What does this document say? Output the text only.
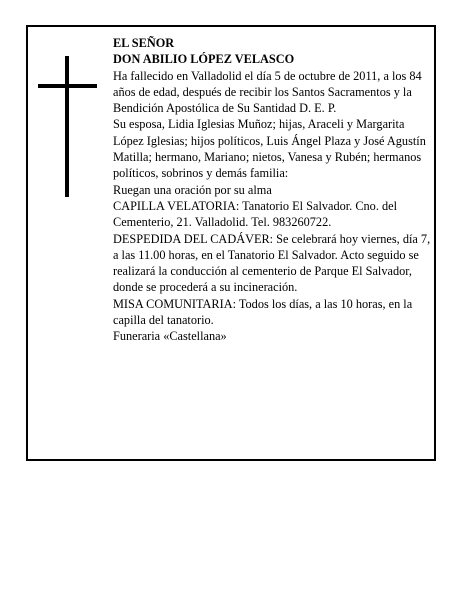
EL SEÑOR

DON ABILIO LÓPEZ VELASCO

Ha fallecido en Valladolid el día 5 de octubre de 2011, a los 84 años de edad, después de recibir los Santos Sacramentos y la Bendición Apostólica de Su Santidad D. E. P.

Su esposa, Lidia Iglesias Muñoz; hijas, Araceli y Margarita López Iglesias; hijos políticos, Luis Ángel Plaza y José Agustín Matilla; hermano, Mariano; nietos, Vanesa y Rubén; hermanos políticos, sobrinos y demás familia:

Ruegan una oración por su alma

CAPILLA VELATORIA: Tanatorio El Salvador. Cno. del Cementerio, 21. Valladolid. Tel. 983260722.

DESPEDIDA DEL CADÁVER: Se celebrará hoy viernes, día 7, a las 11.00 horas, en el Tanatorio El Salvador. Acto seguido se realizará la conducción al cementerio de Parque El Salvador, donde se procederá a su incineración.

MISA COMUNITARIA: Todos los días, a las 10 horas, en la capilla del tanatorio.

Funeraria «Castellana»
